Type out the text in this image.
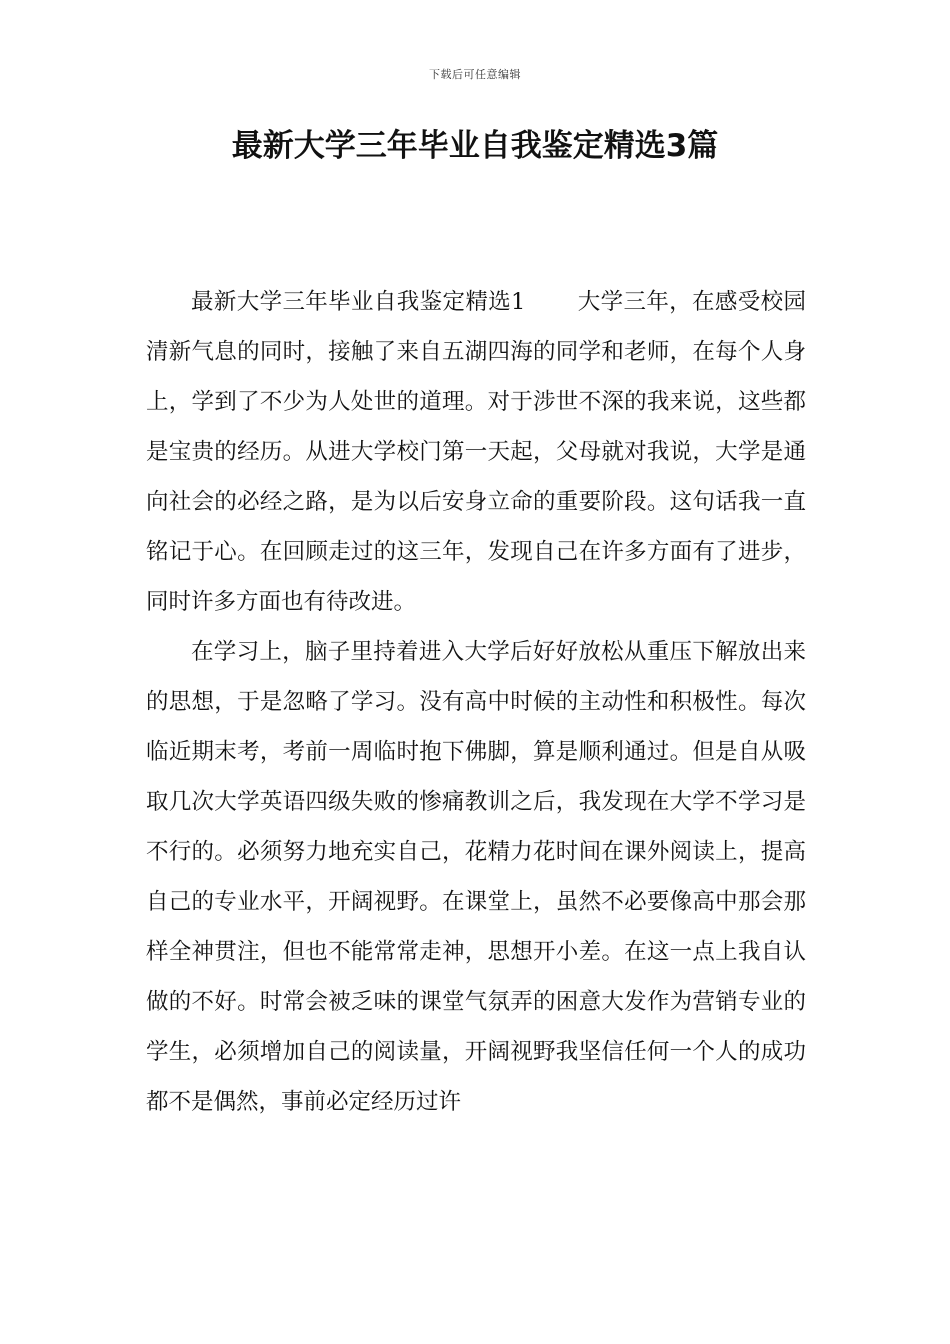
下载后可任意编辑
最新大学三年毕业自我鉴定精选3篇

最新大学三年毕业自我鉴定精选1 大学三年，在感受校园清新气息的同时，接触了来自五湖四海的同学和老师，在每个人身上，学到了不少为人处世的道理。对于涉世不深的我来说，这些都是宝贵的经历。从进大学校门第一天起，父母就对我说，大学是通向社会的必经之路，是为以后安身立命的重要阶段。这句话我一直铭记于心。在回顾走过的这三年，发现自己在许多方面有了进步，同时许多方面也有待改进。

在学习上，脑子里持着进入大学后好好放松从重压下解放出来的思想，于是忽略了学习。没有高中时候的主动性和积极性。每次临近期末考，考前一周临时抱下佛脚，算是顺利通过。但是自从吸取几次大学英语四级失败的惨痛教训之后，我发现在大学不学习是不行的。必须努力地充实自己，花精力花时间在课外阅读上，提高自己的专业水平，开阔视野。在课堂上，虽然不必要像高中那会那样全神贯注，但也不能常常走神，思想开小差。在这一点上我自认做的不好。时常会被乏味的课堂气氛弄的困意大发作为营销专业的学生，必须增加自己的阅读量，开阔视野我坚信任何一个人的成功都不是偶然，事前必定经历过许
